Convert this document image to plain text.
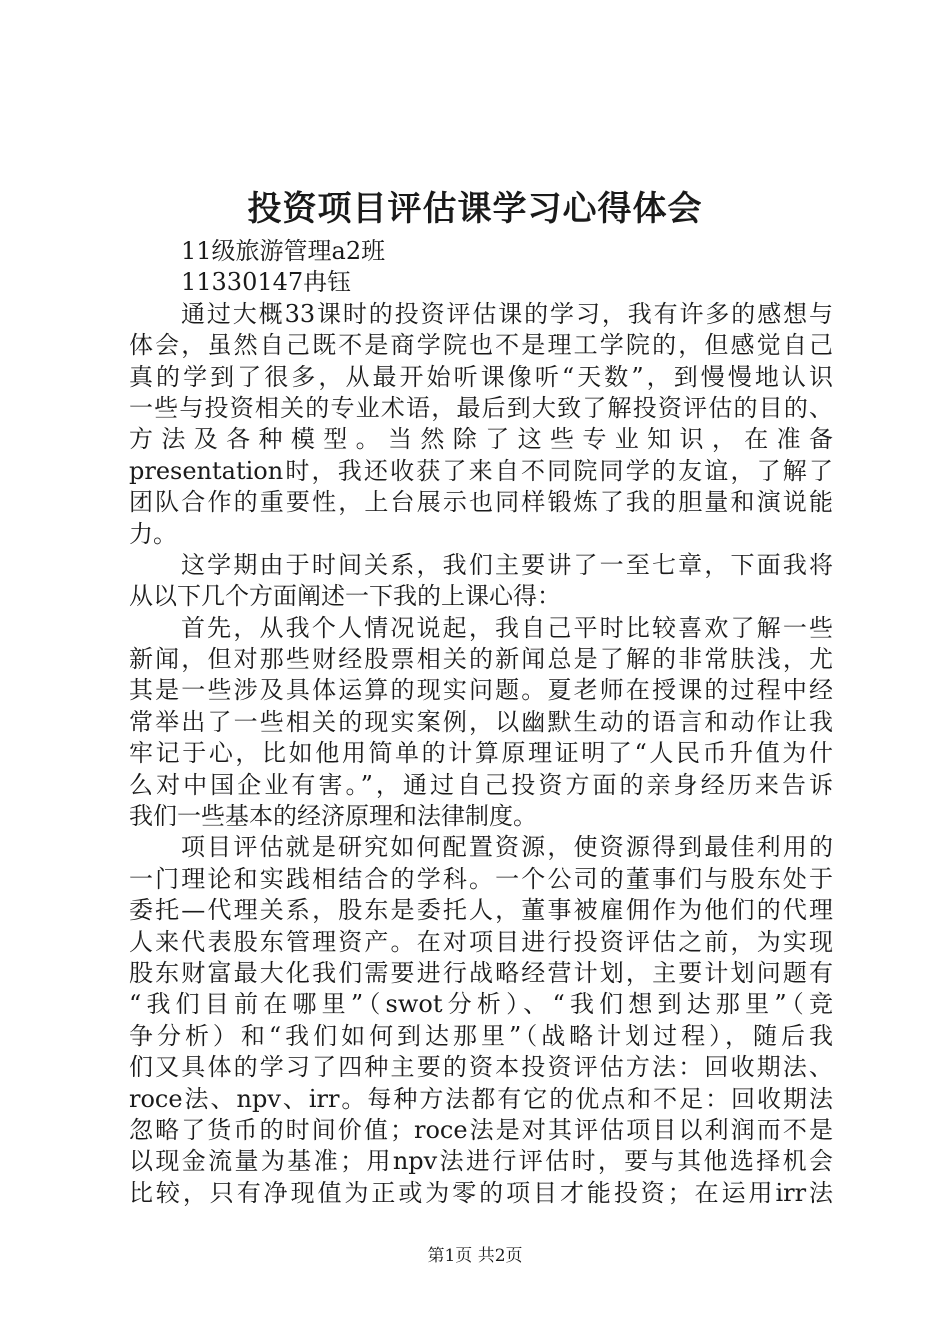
投资项目评估课学习心得体会
11级旅游管理a2班
11330147冉钰
通过大概33课时的投资评估课的学习，我有许多的感想与
体会，虽然自己既不是商学院也不是理工学院的，但感觉自己
真的学到了很多，从最开始听课像听“天数”，到慢慢地认识
一些与投资相关的专业术语，最后到大致了解投资评估的目的、
方法及各种模型。当然除了这些专业知识，在准备
presentation时，我还收获了来自不同院同学的友谊，了解了
团队合作的重要性，上台展示也同样锻炼了我的胆量和演说能
力。
这学期由于时间关系，我们主要讲了一至七章，下面我将
从以下几个方面阐述一下我的上课心得：
首先，从我个人情况说起，我自己平时比较喜欢了解一些
新闻，但对那些财经股票相关的新闻总是了解的非常肤浅，尤
其是一些涉及具体运算的现实问题。夏老师在授课的过程中经
常举出了一些相关的现实案例，以幽默生动的语言和动作让我
牢记于心，比如他用简单的计算原理证明了“人民币升值为什
么对中国企业有害。”，通过自己投资方面的亲身经历来告诉
我们一些基本的经济原理和法律制度。
项目评估就是研究如何配置资源，使资源得到最佳利用的
一门理论和实践相结合的学科。一个公司的董事们与股东处于
委托—代理关系，股东是委托人，董事被雇佣作为他们的代理
人来代表股东管理资产。在对项目进行投资评估之前，为实现
股东财富最大化我们需要进行战略经营计划，主要计划问题有
“我们目前在哪里”（swot分析）、“我们想到达那里”（竞
争分析）和“我们如何到达那里”（战略计划过程），随后我
们又具体的学习了四种主要的资本投资评估方法：回收期法、
roce法、npv、irr。每种方法都有它的优点和不足：回收期法
忽略了货币的时间价值；roce法是对其评估项目以利润而不是
以现金流量为基准；用npv法进行评估时，要与其他选择机会
比较，只有净现值为正或为零的项目才能投资；在运用irr法
第1页 共2页
